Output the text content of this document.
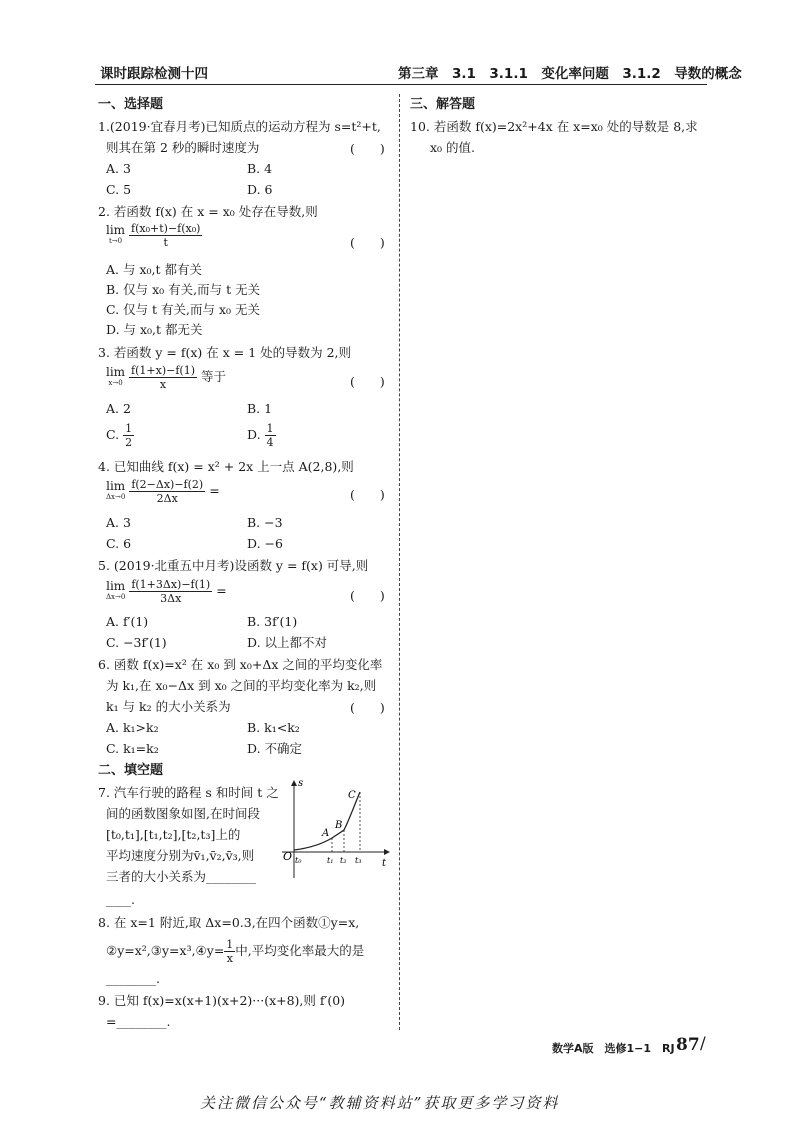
课时跟踪检测十四	第三章　3.1　3.1.1　变化率问题　3.1.2　导数的概念
一、选择题
1.(2019·宜春月考)已知质点的运动方程为 s=t²+t,
则其在第 2 秒的瞬时速度为	(　　)
A. 3	B. 4
C. 5	D. 6
2. 若函数 f(x) 在 x = x₀ 处存在导数,则
lim
t→0
$\frac{\text{f(x₀+t)−f(x₀)}}{t}$	(　　)
A. 与 x₀,t 都有关
B. 仅与 x₀ 有关,而与 t 无关
C. 仅与 t 有关,而与 x₀ 无关
D. 与 x₀,t 都无关
3. 若函数 y = f(x) 在 x = 1 处的导数为 2,则
lim
x→0
$\frac{f(1+x)-f(1)}{x}$ 等于	(　　)
A. 2	B. 1
C. $\frac{1}{2}$	D. $\frac{1}{4}$
4. 已知曲线 f(x) = x² + 2x 上一点 A(2,8),则
lim
Δx→0
$\frac{f(2-\Delta x)-f(2)}{2\Delta x}$ =	(　　)
A. 3	B. −3
C. 6	D. −6
5. (2019·北重五中月考)设函数 y = f(x) 可导,则
lim
Δx→0
$\frac{f(1+3\Delta x)-f(1)}{3\Delta x}$ =	(　　)
A. f′(1)	B. 3f′(1)
C. −3f′(1)	D. 以上都不对
6. 函数 f(x)=x² 在 x₀ 到 x₀+Δx 之间的平均变化率
为 k₁,在 x₀−Δx 到 x₀ 之间的平均变化率为 k₂,则
k₁ 与 k₂ 的大小关系为	(　　)
A. k₁>k₂	B. k₁<k₂
C. k₁=k₂	D. 不确定
二、填空题
7. 汽车行驶的路程 s 和时间 t 之
间的函数图象如图,在时间段
[t₀,t₁],[t₁,t₂],[t₂,t₃]上的
平均速度分别为v̄₁,v̄₂,v̄₃,则
三者的大小关系为________
____.
s
t
O
A
B
C
t₀	t₁ t₂ t₃
8. 在 x=1 附近,取 Δx=0.3,在四个函数①y=x,
②y=x²,③y=x³,④y= $\frac{1}{x}$ 中,平均变化率最大的是
________.
9. 已知 f(x)=x(x+1)(x+2)···(x+8),则 f′(0)
=________.
三、解答题
10. 若函数 f(x)=2x²+4x 在 x=x₀ 处的导数是 8,求
x₀ 的值.
数学A版　选修1−1　RJ 87 /
关注微信公众号“教辅资料站”获取更多学习资料
